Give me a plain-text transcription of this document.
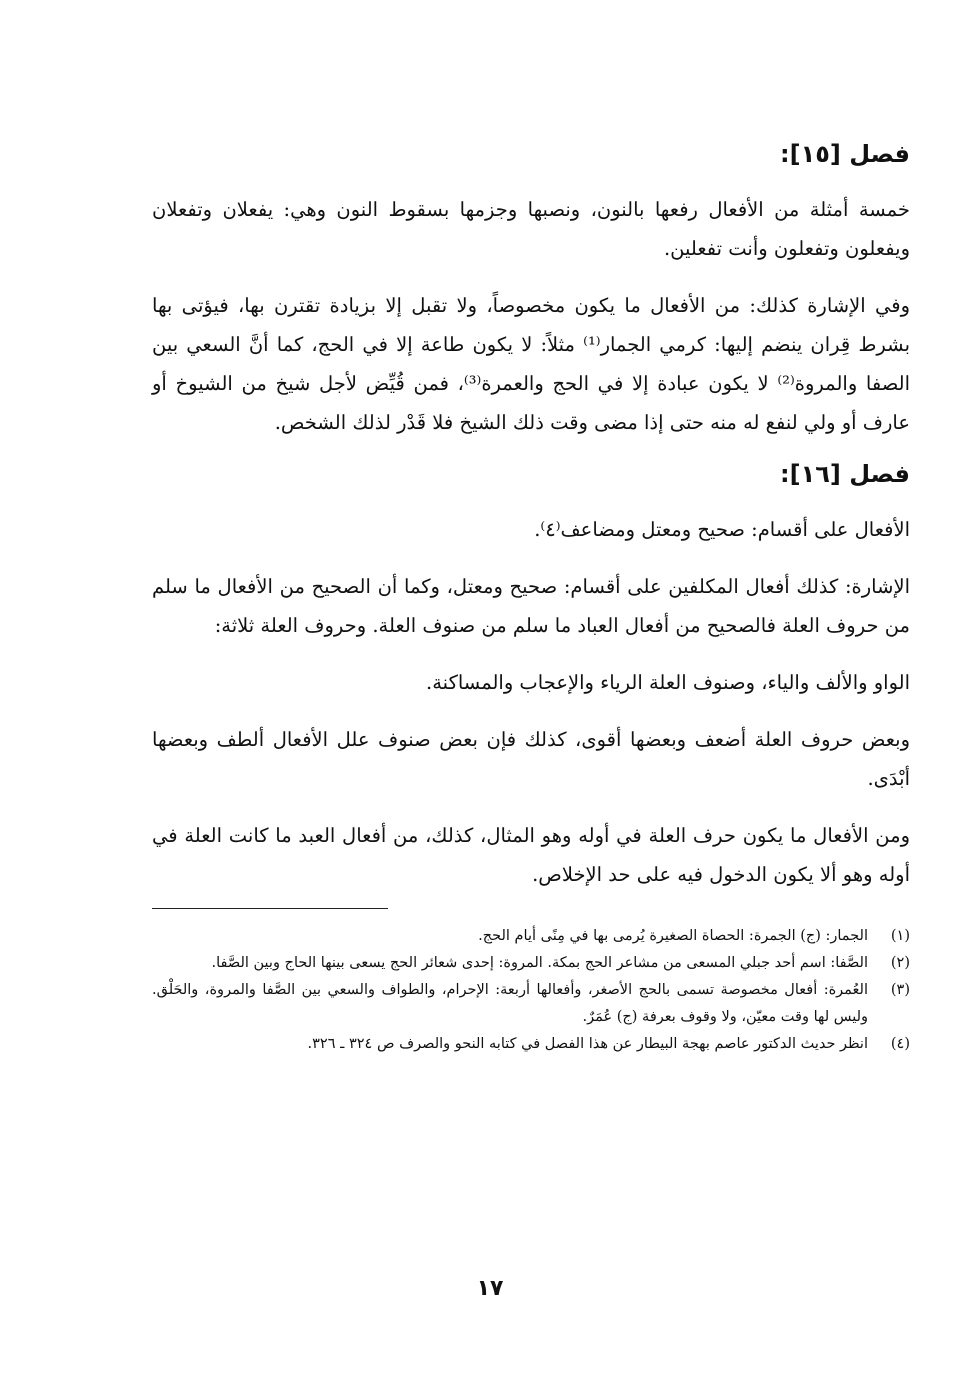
فصل [١٥]:

خمسة أمثلة من الأفعال رفعها بالنون، ونصبها وجزمها بسقوط النون وهي: يفعلان وتفعلان ويفعلون وتفعلون وأنت تفعلين.

وفي الإشارة كذلك: من الأفعال ما يكون مخصوصاً، ولا تقبل إلا بزيادة تقترن بها، فيؤتى بها بشرط قِران ينضم إليها: كرمي الجمار⁽¹⁾ مثلاً: لا يكون طاعة إلا في الحج، كما أنَّ السعي بين الصفا والمروة⁽²⁾ لا يكون عبادة إلا في الحج والعمرة⁽³⁾، فمن قُيِّض لأجل شيخ من الشيوخ أو عارف أو ولي لنفع له منه حتى إذا مضى وقت ذلك الشيخ فلا قَدْر لذلك الشخص.

فصل [١٦]:

الأفعال على أقسام: صحيح ومعتل ومضاعف⁽٤⁾.

الإشارة: كذلك أفعال المكلفين على أقسام: صحيح ومعتل، وكما أن الصحيح من الأفعال ما سلم من حروف العلة فالصحيح من أفعال العباد ما سلم من صنوف العلة. وحروف العلة ثلاثة:

الواو والألف والياء، وصنوف العلة الرياء والإعجاب والمساكنة.

وبعض حروف العلة أضعف وبعضها أقوى، كذلك فإن بعض صنوف علل الأفعال ألطف وبعضها أبْدَى.

ومن الأفعال ما يكون حرف العلة في أوله وهو المثال، كذلك، من أفعال العبد ما كانت العلة في أوله وهو ألا يكون الدخول فيه على حد الإخلاص.

(١)
الجمار: (ج) الجمرة: الحصاة الصغيرة يُرمى بها في مِنًى أيام الحج.
(٢)
الصَّفا: اسم أحد جبلي المسعى من مشاعر الحج بمكة. المروة: إحدى شعائر الحج يسعى بينها الحاج وبين الصَّفا.
(٣)
العُمرة: أفعال مخصوصة تسمى بالحج الأصغر، وأفعالها أربعة: الإحرام، والطواف والسعي بين الصَّفا والمروة، والحَلْق. وليس لها وقت معيّن، ولا وقوف بعرفة (ج) عُمَرٌ.
(٤)
انظر حديث الدكتور عاصم بهجة البيطار عن هذا الفصل في كتابه النحو والصرف ص ٣٢٤ ـ ٣٢٦.
١٧
